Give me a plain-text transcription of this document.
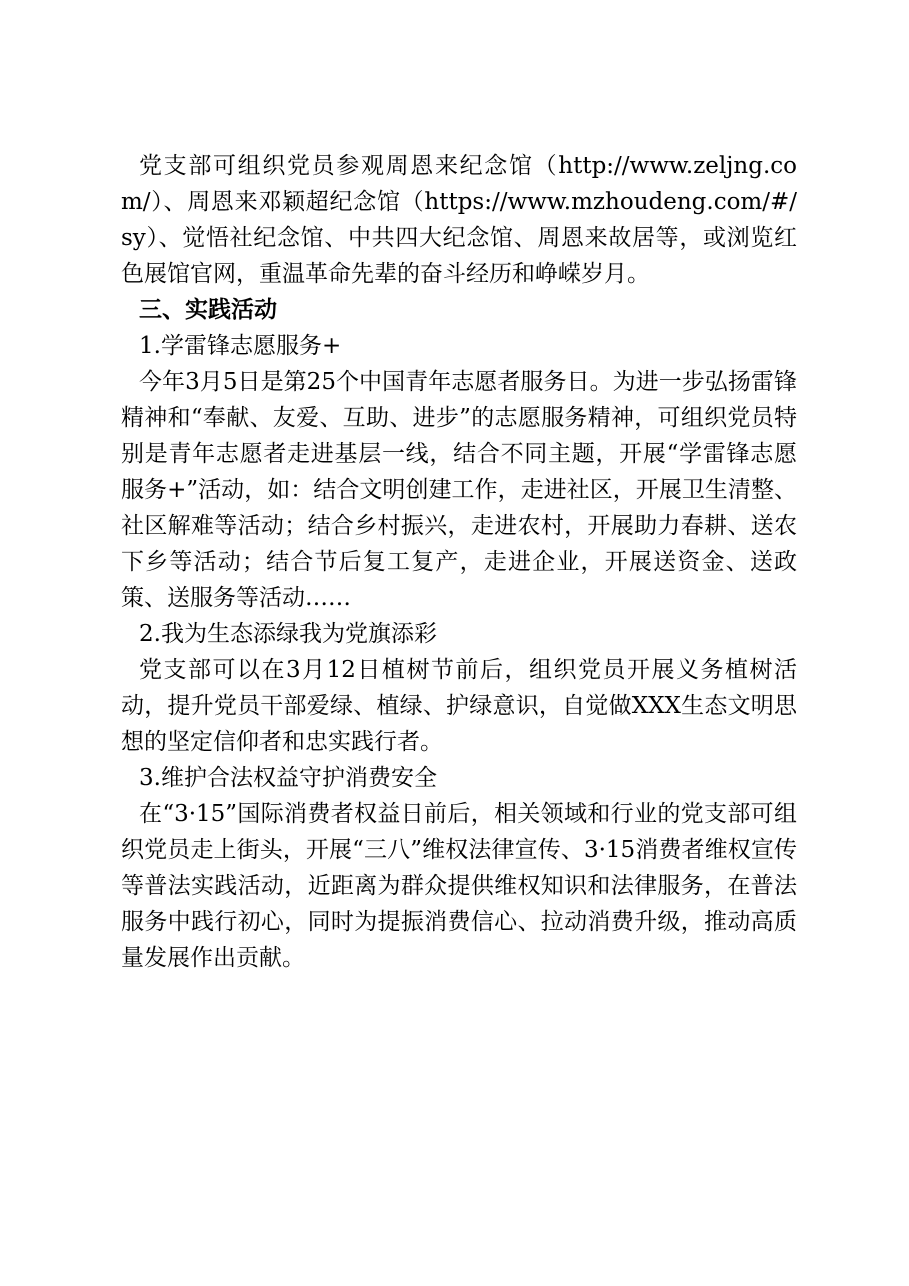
党支部可组织党员参观周恩来纪念馆（http://www.zeljng.com/）、周恩来邓颖超纪念馆（https://www.mzhoudeng.com/#/sy）、觉悟社纪念馆、中共四大纪念馆、周恩来故居等，或浏览红色展馆官网，重温革命先辈的奋斗经历和峥嵘岁月。

三、实践活动

1.学雷锋志愿服务+

今年3月5日是第25个中国青年志愿者服务日。为进一步弘扬雷锋精神和“奉献、友爱、互助、进步”的志愿服务精神，可组织党员特别是青年志愿者走进基层一线，结合不同主题，开展“学雷锋志愿服务+”活动，如：结合文明创建工作，走进社区，开展卫生清整、社区解难等活动；结合乡村振兴，走进农村，开展助力春耕、送农下乡等活动；结合节后复工复产，走进企业，开展送资金、送政策、送服务等活动……

2.我为生态添绿我为党旗添彩

党支部可以在3月12日植树节前后，组织党员开展义务植树活动，提升党员干部爱绿、植绿、护绿意识，自觉做XXX生态文明思想的坚定信仰者和忠实践行者。

3.维护合法权益守护消费安全

在“3·15”国际消费者权益日前后，相关领域和行业的党支部可组织党员走上街头，开展“三八”维权法律宣传、3·15消费者维权宣传等普法实践活动，近距离为群众提供维权知识和法律服务，在普法服务中践行初心，同时为提振消费信心、拉动消费升级，推动高质量发展作出贡献。
